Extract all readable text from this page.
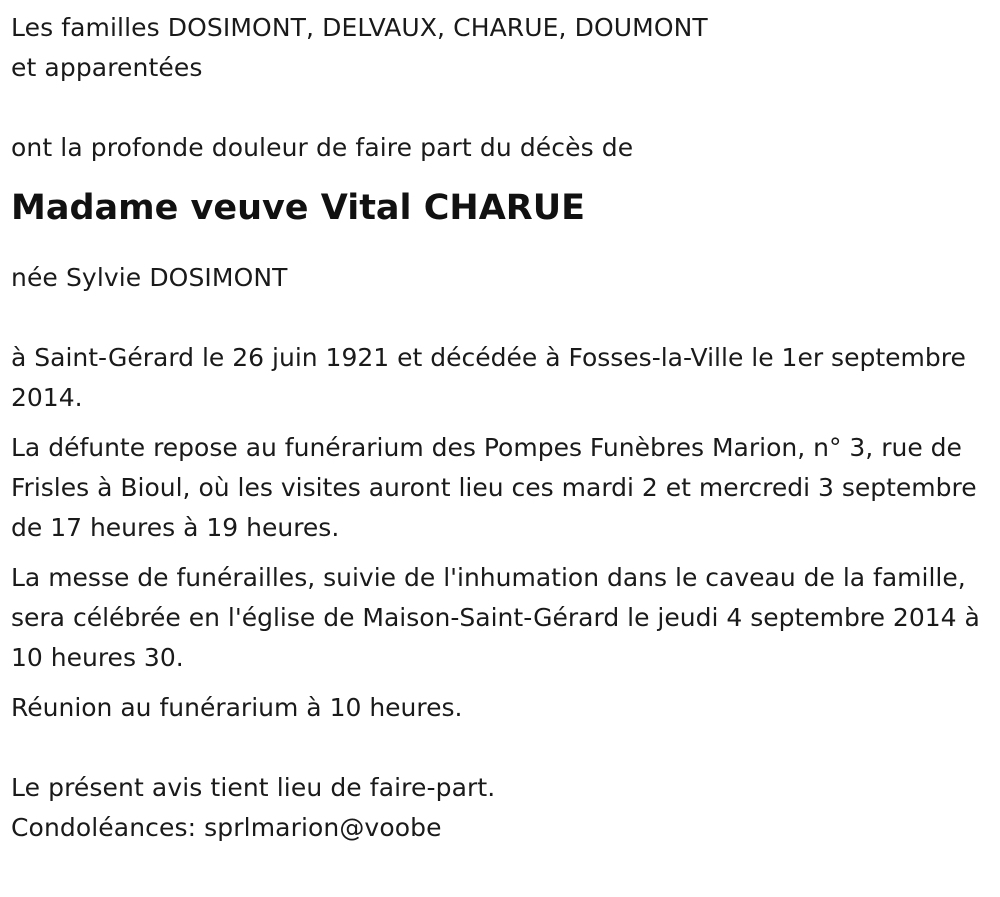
Les familles DOSIMONT, DELVAUX, CHARUE, DOUMONT

et apparentées

ont la profonde douleur de faire part du décès de

Madame veuve Vital CHARUE

née Sylvie DOSIMONT

à Saint-Gérard le 26 juin 1921 et décédée à Fosses-la-Ville le 1er septembre 2014.

La défunte repose au funérarium des Pompes Funèbres Marion, n° 3, rue de Frisles à Bioul, où les visites auront lieu ces mardi 2 et mercredi 3 septembre de 17 heures à 19 heures.

La messe de funérailles, suivie de l'inhumation dans le caveau de la famille, sera célébrée en l'église de Maison-Saint-Gérard le jeudi 4 septembre 2014 à 10 heures 30.

Réunion au funérarium à 10 heures.

Le présent avis tient lieu de faire-part.

Condoléances: sprlmarion@voobe
